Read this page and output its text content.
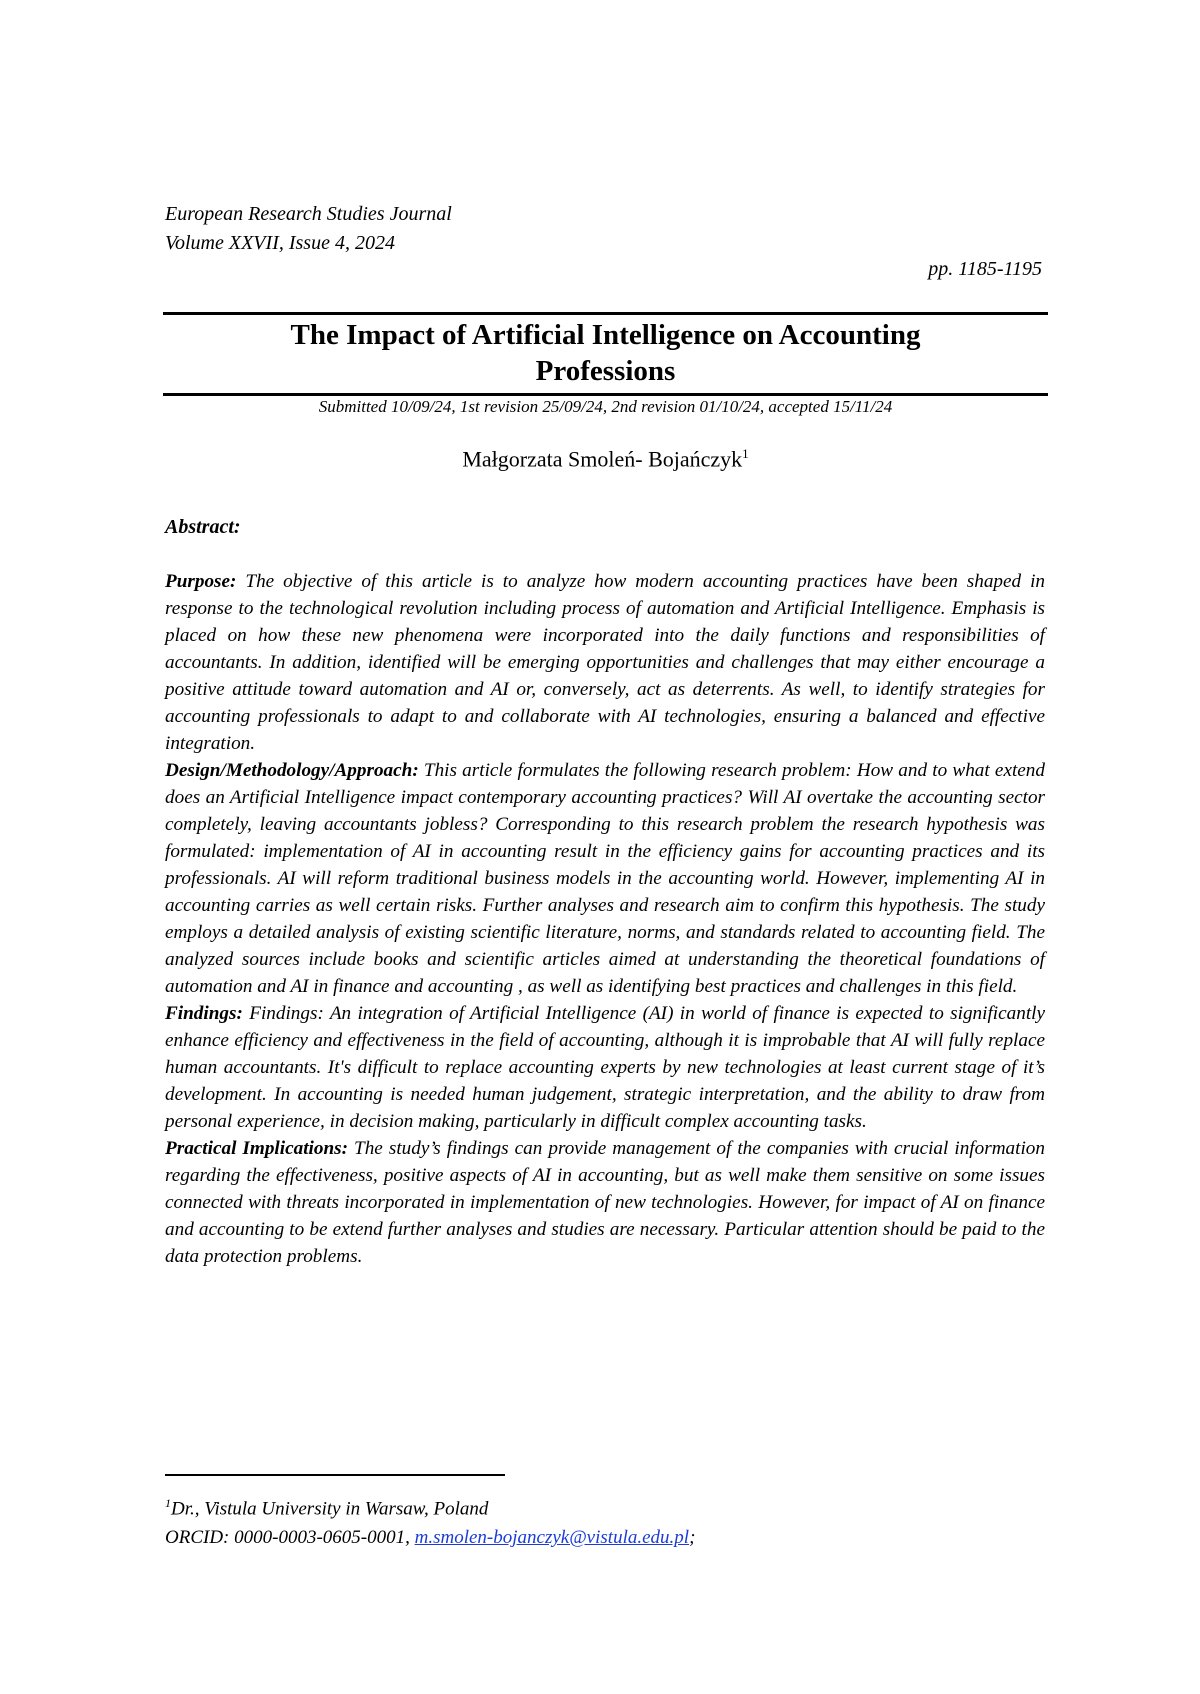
European Research Studies Journal
Volume XXVII, Issue 4, 2024
pp. 1185-1195
The Impact of Artificial Intelligence on Accounting
Professions
Submitted 10/09/24, 1st revision 25/09/24, 2nd revision 01/10/24, accepted 15/11/24
Małgorzata Smoleń- Bojańczyk$^1$
Abstract:

Purpose: The objective of this article is to analyze how modern accounting practices have been shaped in response to the technological revolution including process of automation and Artificial Intelligence. Emphasis is placed on how these new phenomena were incorporated into the daily functions and responsibilities of accountants. In addition, identified will be emerging opportunities and challenges that may either encourage a positive attitude toward automation and AI or, conversely, act as deterrents. As well, to identify strategies for accounting professionals to adapt to and collaborate with AI technologies, ensuring a balanced and effective integration.

Design/Methodology/Approach: This article formulates the following research problem: How and to what extend does an Artificial Intelligence impact contemporary accounting practices? Will AI overtake the accounting sector completely, leaving accountants jobless? Corresponding to this research problem the research hypothesis was formulated: implementation of AI in accounting result in the efficiency gains for accounting practices and its professionals. AI will reform traditional business models in the accounting world. However, implementing AI in accounting carries as well certain risks. Further analyses and research aim to confirm this hypothesis. The study employs a detailed analysis of existing scientific literature, norms, and standards related to accounting field. The analyzed sources include books and scientific articles aimed at understanding the theoretical foundations of automation and AI in finance and accounting , as well as identifying best practices and challenges in this field.

Findings: Findings: An integration of Artificial Intelligence (AI) in world of finance is expected to significantly enhance efficiency and effectiveness in the field of accounting, although it is improbable that AI will fully replace human accountants. It's difficult to replace accounting experts by new technologies at least current stage of it’s development. In accounting is needed human judgement, strategic interpretation, and the ability to draw from personal experience, in decision making, particularly in difficult complex accounting tasks.

Practical Implications: The study’s findings can provide management of the companies with crucial information regarding the effectiveness, positive aspects of AI in accounting, but as well make them sensitive on some issues connected with threats incorporated in implementation of new technologies. However, for impact of AI on finance and accounting to be extend further analyses and studies are necessary. Particular attention should be paid to the data protection problems.

$^1$Dr., Vistula University in Warsaw, Poland
ORCID: 0000-0003-0605-0001, m.smolen-bojanczyk@vistula.edu.pl;
